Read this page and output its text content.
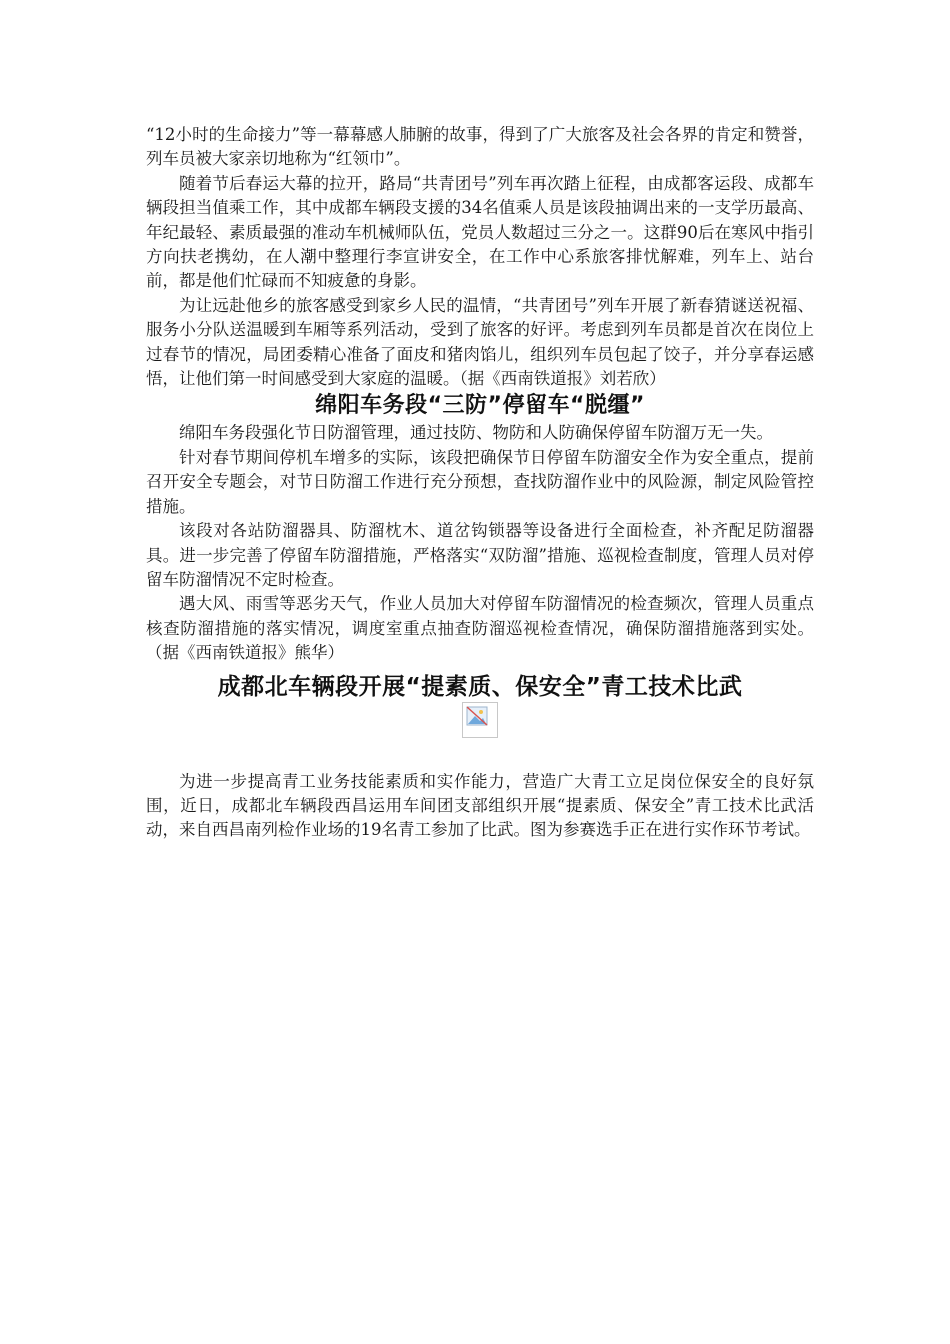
“12小时的生命接力”等一幕幕感人肺腑的故事，得到了广大旅客及社会各界的肯定和赞誉，列车员被大家亲切地称为“红领巾”。

随着节后春运大幕的拉开，路局“共青团号”列车再次踏上征程，由成都客运段、成都车辆段担当值乘工作，其中成都车辆段支援的34名值乘人员是该段抽调出来的一支学历最高、年纪最轻、素质最强的准动车机械师队伍，党员人数超过三分之一。这群90后在寒风中指引方向扶老携幼，在人潮中整理行李宣讲安全，在工作中心系旅客排忧解难，列车上、站台前，都是他们忙碌而不知疲惫的身影。

为让远赴他乡的旅客感受到家乡人民的温情，“共青团号”列车开展了新春猜谜送祝福、服务小分队送温暖到车厢等系列活动，受到了旅客的好评。考虑到列车员都是首次在岗位上过春节的情况，局团委精心准备了面皮和猪肉馅儿，组织列车员包起了饺子，并分享春运感悟，让他们第一时间感受到大家庭的温暖。（据《西南铁道报》刘若欣）

绵阳车务段“三防”停留车“脱缰”

绵阳车务段强化节日防溜管理，通过技防、物防和人防确保停留车防溜万无一失。

针对春节期间停机车增多的实际，该段把确保节日停留车防溜安全作为安全重点，提前召开安全专题会，对节日防溜工作进行充分预想，查找防溜作业中的风险源，制定风险管控措施。

该段对各站防溜器具、防溜枕木、道岔钩锁器等设备进行全面检查，补齐配足防溜器具。进一步完善了停留车防溜措施，严格落实“双防溜”措施、巡视检查制度，管理人员对停留车防溜情况不定时检查。

遇大风、雨雪等恶劣天气，作业人员加大对停留车防溜情况的检查频次，管理人员重点核查防溜措施的落实情况，调度室重点抽查防溜巡视检查情况，确保防溜措施落到实处。（据《西南铁道报》熊华）

成都北车辆段开展“提素质、保安全”青工技术比武

为进一步提高青工业务技能素质和实作能力，营造广大青工立足岗位保安全的良好氛围，近日，成都北车辆段西昌运用车间团支部组织开展“提素质、保安全”青工技术比武活动，来自西昌南列检作业场的19名青工参加了比武。图为参赛选手正在进行实作环节考试。
